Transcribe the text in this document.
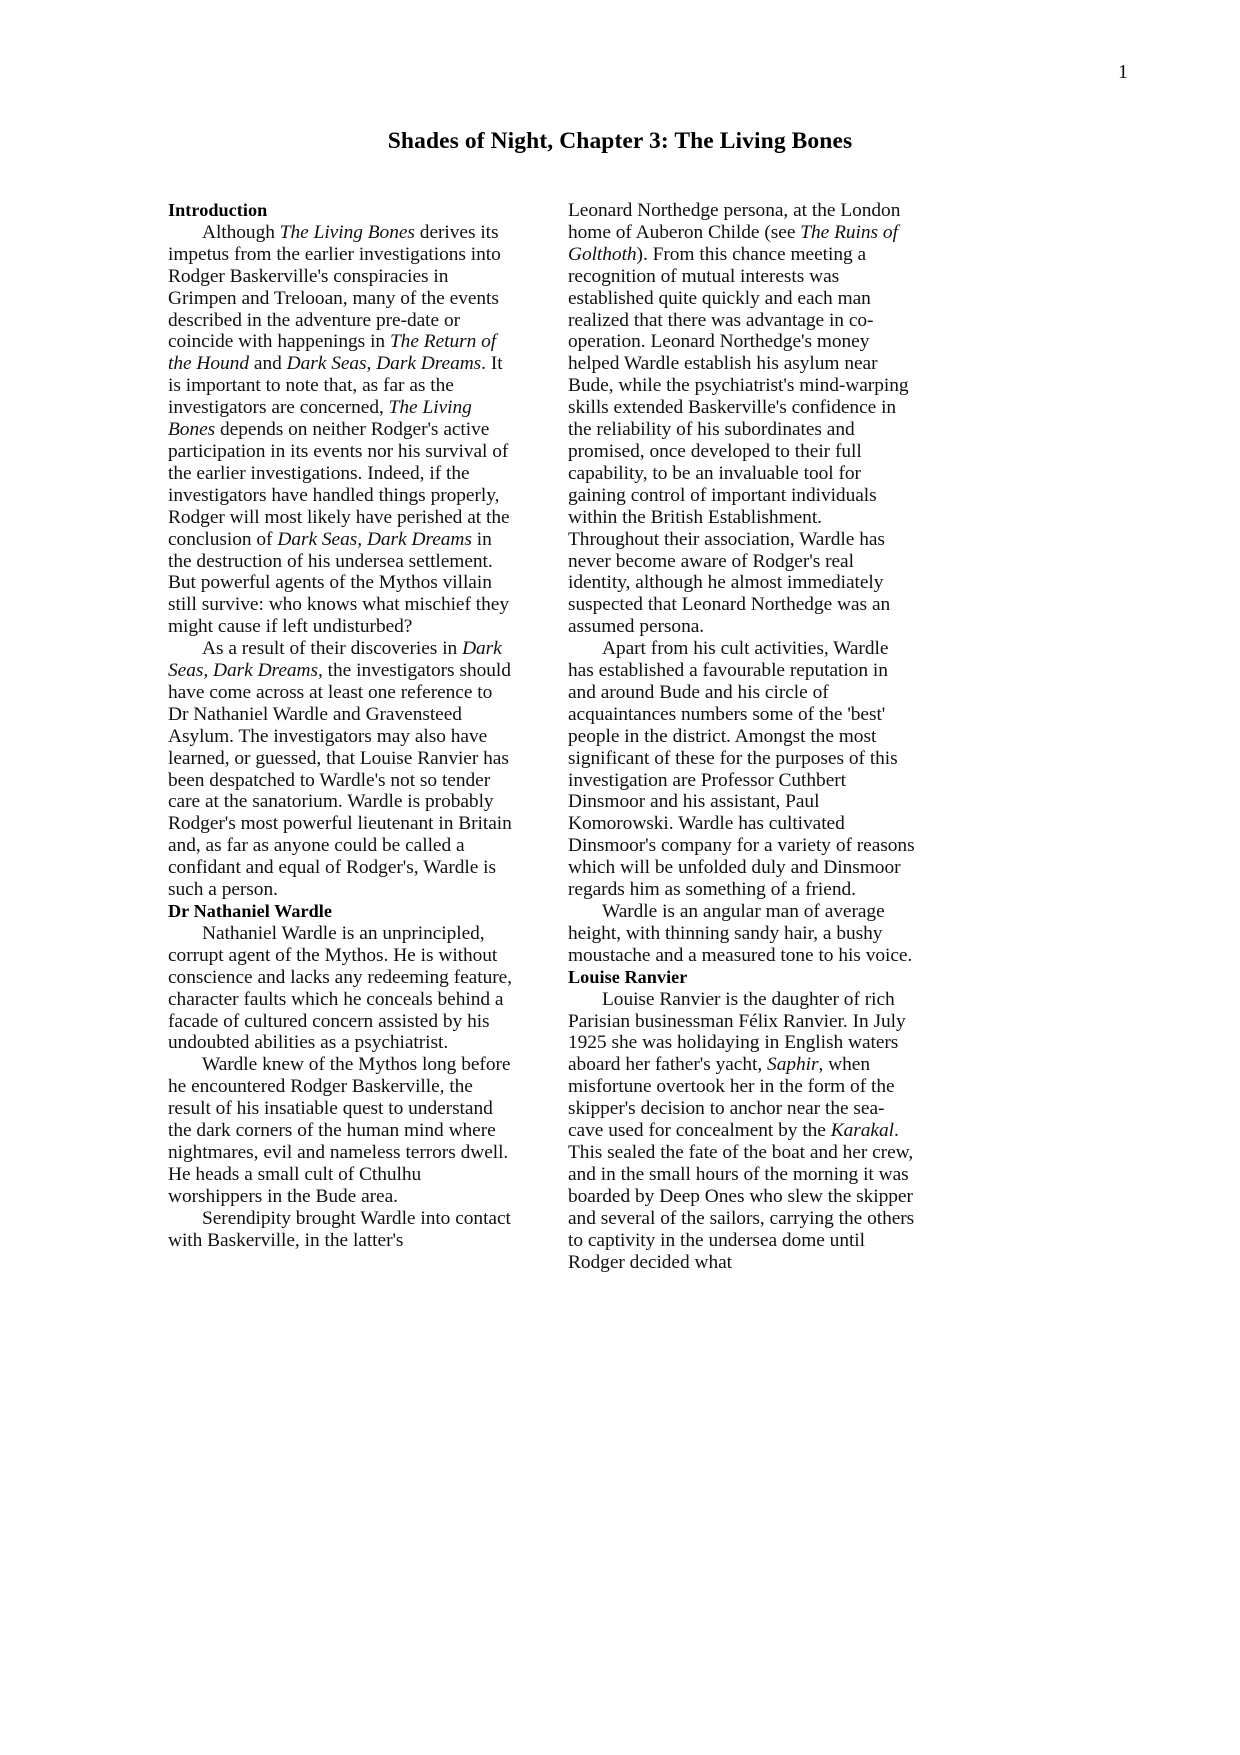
1
Shades of Night, Chapter 3: The Living Bones
Introduction

Although The Living Bones derives its impetus from the earlier investigations into Rodger Baskerville's conspiracies in Grimpen and Trelooan, many of the events described in the adventure pre-date or coincide with happenings in The Return of the Hound and Dark Seas, Dark Dreams. It is important to note that, as far as the investigators are concerned, The Living Bones depends on neither Rodger's active participation in its events nor his survival of the earlier investigations. Indeed, if the investigators have handled things properly, Rodger will most likely have perished at the conclusion of Dark Seas, Dark Dreams in the destruction of his undersea settlement. But powerful agents of the Mythos villain still survive: who knows what mischief they might cause if left undisturbed?

As a result of their discoveries in Dark Seas, Dark Dreams, the investigators should have come across at least one reference to Dr Nathaniel Wardle and Gravensteed Asylum. The investigators may also have learned, or guessed, that Louise Ranvier has been despatched to Wardle's not so tender care at the sanatorium. Wardle is probably Rodger's most powerful lieutenant in Britain and, as far as anyone could be called a confidant and equal of Rodger's, Wardle is such a person.

Dr Nathaniel Wardle

Nathaniel Wardle is an unprincipled, corrupt agent of the Mythos. He is without conscience and lacks any redeeming feature, character faults which he conceals behind a facade of cultured concern assisted by his undoubted abilities as a psychiatrist.

Wardle knew of the Mythos long before he encountered Rodger Baskerville, the result of his insatiable quest to understand the dark corners of the human mind where nightmares, evil and nameless terrors dwell. He heads a small cult of Cthulhu worshippers in the Bude area.

Serendipity brought Wardle into contact with Baskerville, in the latter's

Leonard Northedge persona, at the London home of Auberon Childe (see The Ruins of Golthoth). From this chance meeting a recognition of mutual interests was established quite quickly and each man realized that there was advantage in co-operation. Leonard Northedge's money helped Wardle establish his asylum near Bude, while the psychiatrist's mind-warping skills extended Baskerville's confidence in the reliability of his subordinates and promised, once developed to their full capability, to be an invaluable tool for gaining control of important individuals within the British Establishment. Throughout their association, Wardle has never become aware of Rodger's real identity, although he almost immediately suspected that Leonard Northedge was an assumed persona.

Apart from his cult activities, Wardle has established a favourable reputation in and around Bude and his circle of acquaintances numbers some of the 'best' people in the district. Amongst the most significant of these for the purposes of this investigation are Professor Cuthbert Dinsmoor and his assistant, Paul Komorowski. Wardle has cultivated Dinsmoor's company for a variety of reasons which will be unfolded duly and Dinsmoor regards him as something of a friend.

Wardle is an angular man of average height, with thinning sandy hair, a bushy moustache and a measured tone to his voice.

Louise Ranvier

Louise Ranvier is the daughter of rich Parisian businessman Félix Ranvier. In July 1925 she was holidaying in English waters aboard her father's yacht, Saphir, when misfortune overtook her in the form of the skipper's decision to anchor near the sea-cave used for concealment by the Karakal. This sealed the fate of the boat and her crew, and in the small hours of the morning it was boarded by Deep Ones who slew the skipper and several of the sailors, carrying the others to captivity in the undersea dome until Rodger decided what
